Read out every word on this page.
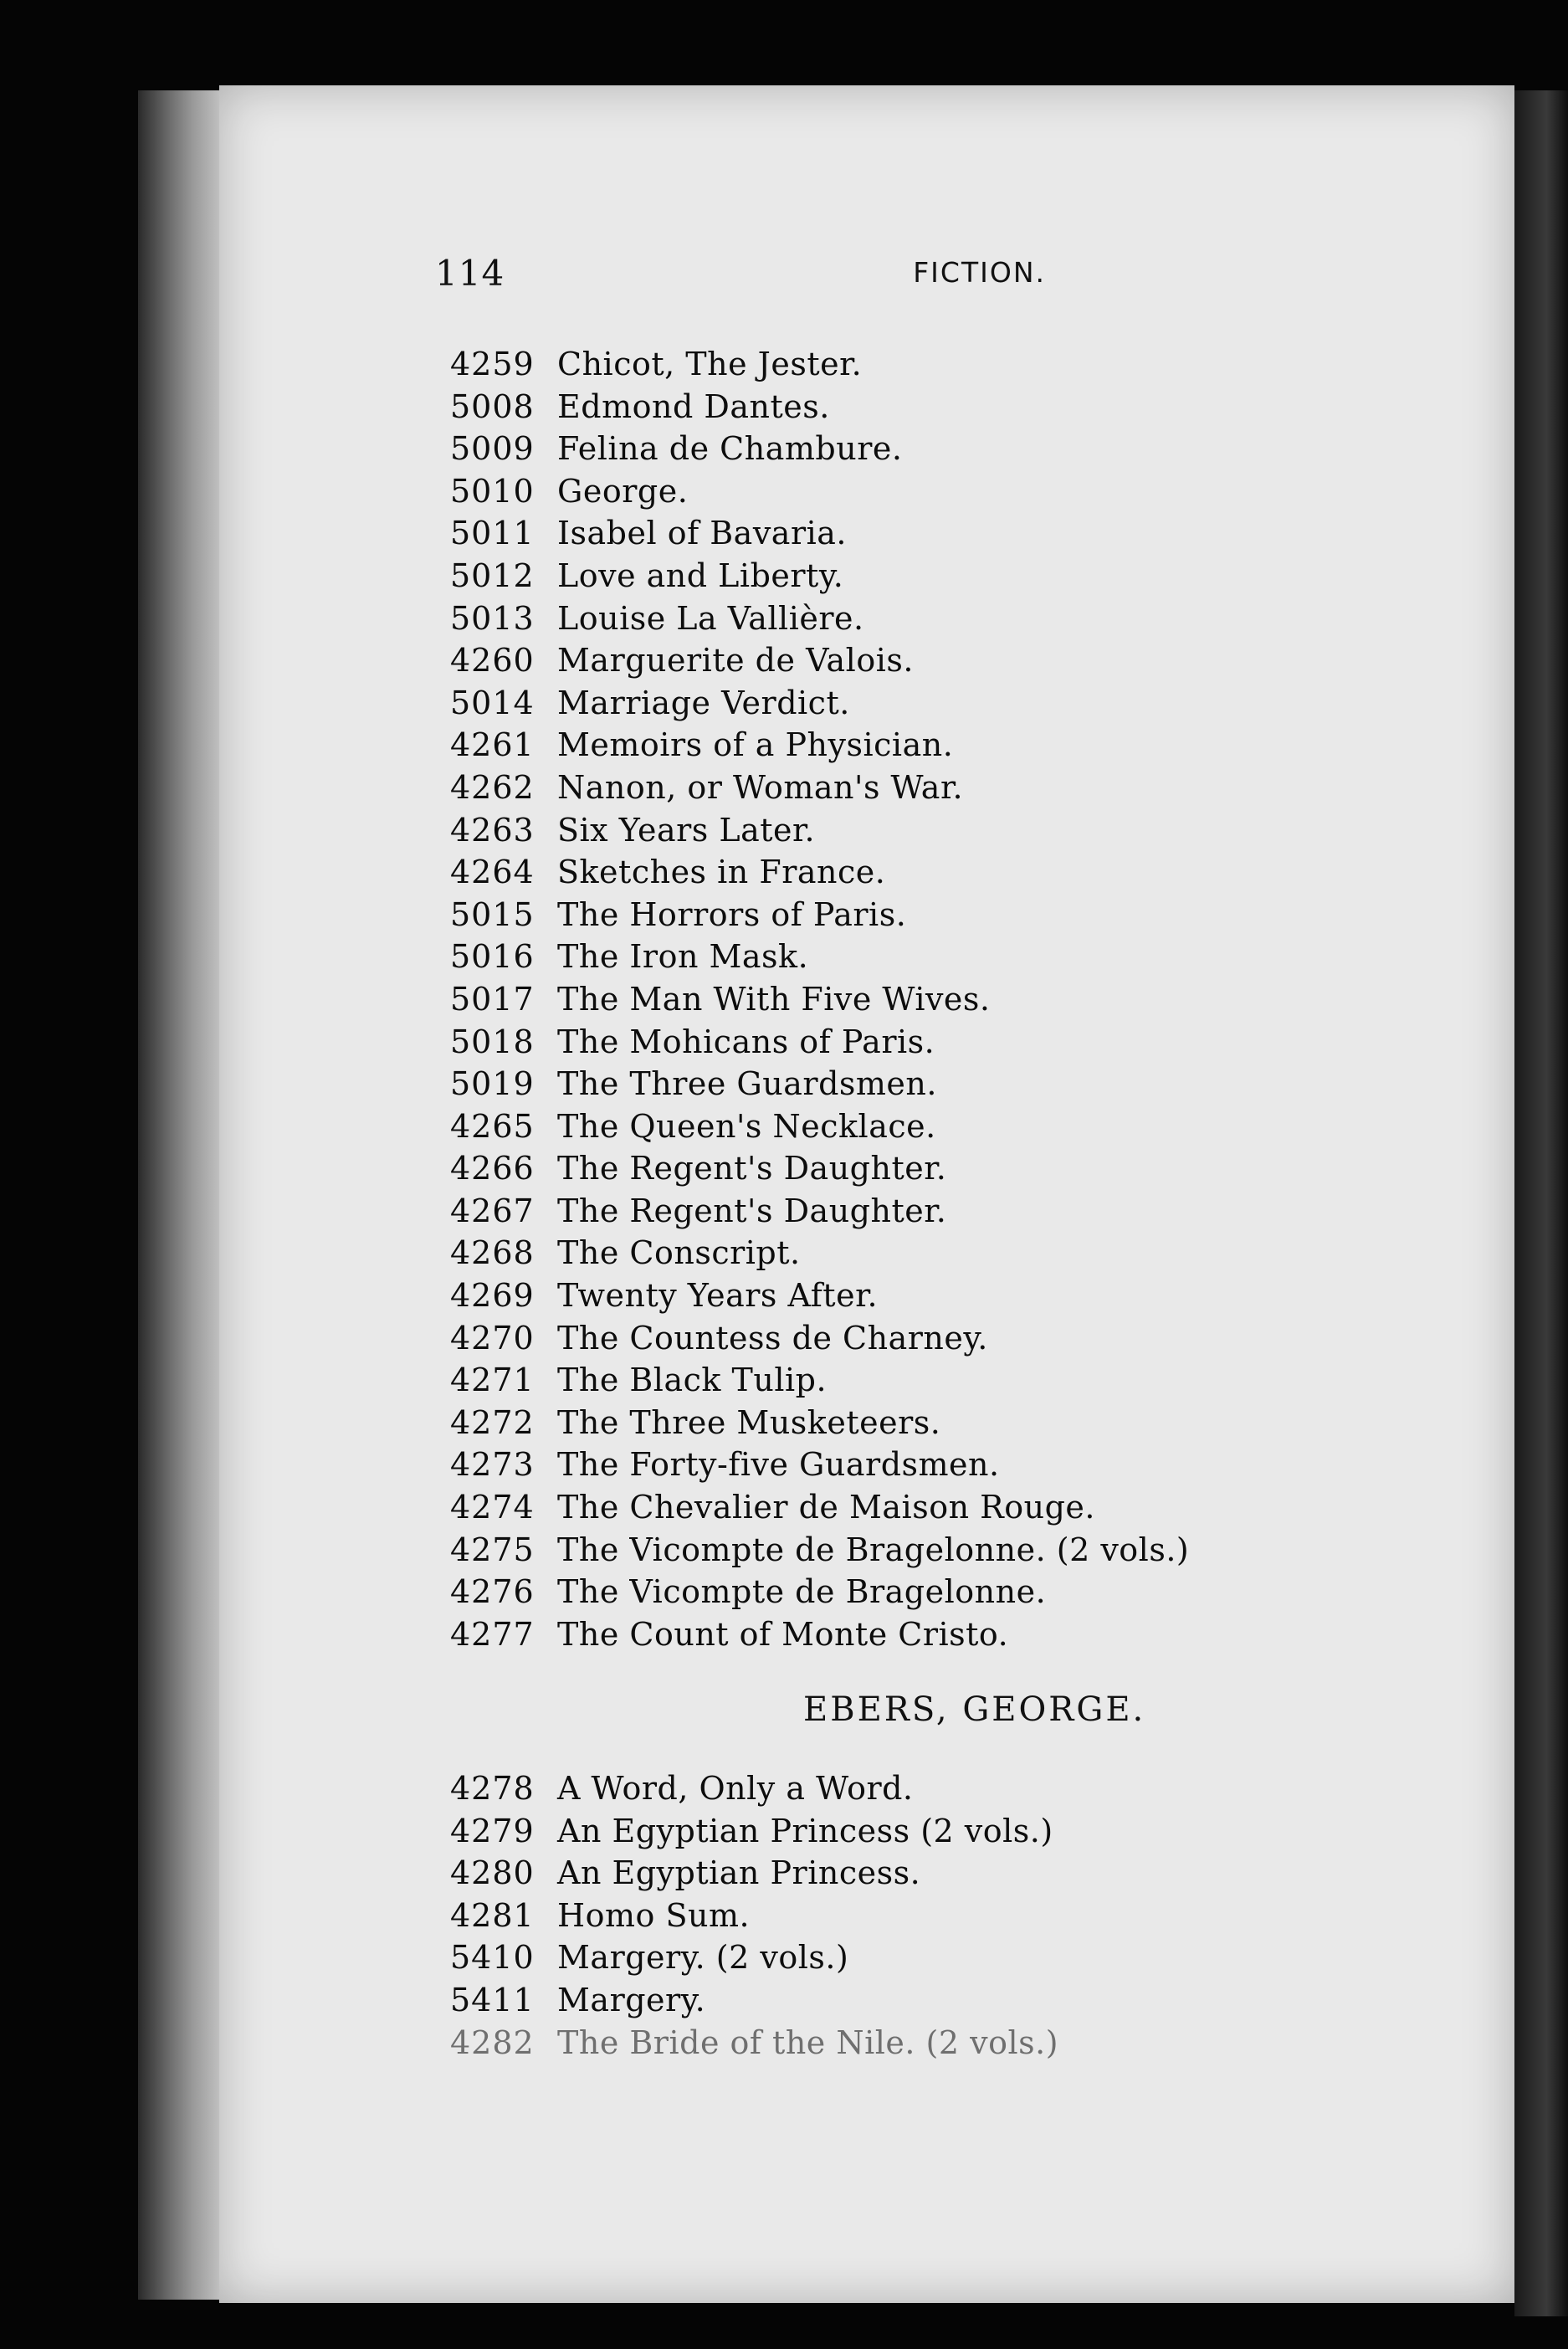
114	FICTION.
4259 Chicot, The Jester.
5008 Edmond Dantes.
5009 Felina de Chambure.
5010 George.
5011 Isabel of Bavaria.
5012 Love and Liberty.
5013 Louise La Vallière.
4260 Marguerite de Valois.
5014 Marriage Verdict.
4261 Memoirs of a Physician.
4262 Nanon, or Woman's War.
4263 Six Years Later.
4264 Sketches in France.
5015 The Horrors of Paris.
5016 The Iron Mask.
5017 The Man With Five Wives.
5018 The Mohicans of Paris.
5019 The Three Guardsmen.
4265 The Queen's Necklace.
4266 The Regent's Daughter.
4267 The Regent's Daughter.
4268 The Conscript.
4269 Twenty Years After.
4270 The Countess de Charney.
4271 The Black Tulip.
4272 The Three Musketeers.
4273 The Forty-five Guardsmen.
4274 The Chevalier de Maison Rouge.
4275 The Vicompte de Bragelonne. (2 vols.)
4276 The Vicompte de Bragelonne.
4277 The Count of Monte Cristo.
EBERS, GEORGE.
4278 A Word, Only a Word.
4279 An Egyptian Princess (2 vols.)
4280 An Egyptian Princess.
4281 Homo Sum.
5410 Margery. (2 vols.)
5411 Margery.
4282 The Bride of the Nile. (2 vols.)
